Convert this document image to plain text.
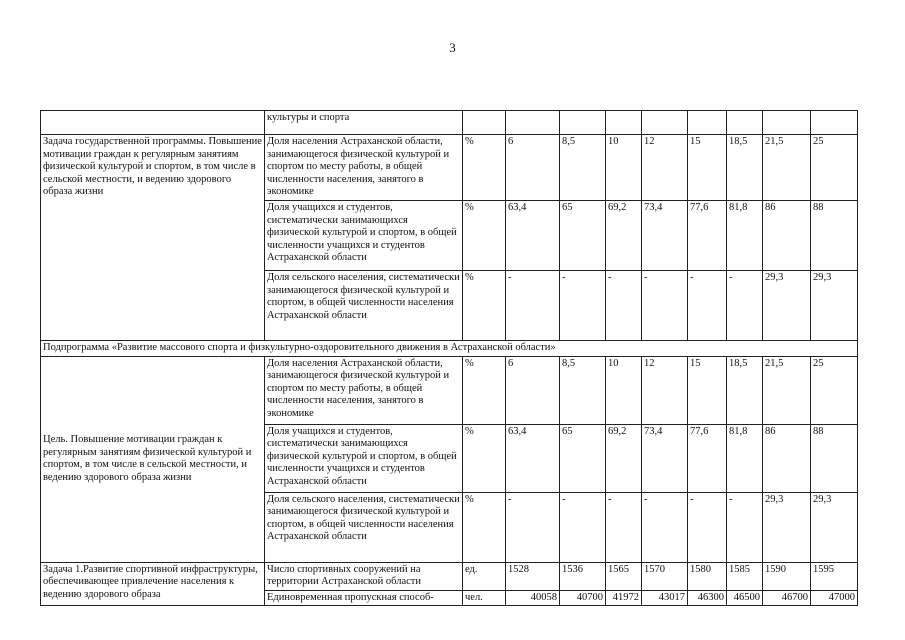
3
	культуры и спорта									
Задача государственной программы. Повышение мотивации граждан к регулярным занятиям физической культурой и спортом, в том числе в сельской местности, и ведению здорового образа жизни	Доля населения Астраханской области, занимающегося физической культурой и спортом по месту работы, в общей численности населения, занятого в экономике	%	6	8,5	10	12	15	18,5	21,5	25
	Доля учащихся и студентов, систематически занимающихся физической культурой и спортом, в общей численности учащихся и студентов Астраханской области	%	63,4	65	69,2	73,4	77,6	81,8	86	88
	Доля сельского населения, систематически занимающегося физической культурой и спортом, в общей численности населения Астраханской области	%	-	-	-	-	-	-	29,3	29,3
Подпрограмма «Развитие массового спорта и физкультурно-оздоровительного движения в Астраханской области»										
Цель. Повышение мотивации граждан к регулярным занятиям физической культурой и спортом, в том числе в сельской местности, и ведению здорового образа жизни	Доля населения Астраханской области, занимающегося физической культурой и спортом по месту работы, в общей численности населения, занятого в экономике	%	6	8,5	10	12	15	18,5	21,5	25
	Доля учащихся и студентов, систематически занимающихся физической культурой и спортом, в общей численности учащихся и студентов Астраханской области	%	63,4	65	69,2	73,4	77,6	81,8	86	88
	Доля сельского населения, систематически занимающегося физической культурой и спортом, в общей численности населения Астраханской области	%	-	-	-	-	-	-	29,3	29,3
Задача 1.Развитие спортивной инфраструктуры, обеспечивающее привлечение населения к ведению здорового образа	Число спортивных сооружений на территории Астраханской области	ед.	1528	1536	1565	1570	1580	1585	1590	1595
	Единовременная пропускная способ-	чел.	40058	40700	41972	43017	46300	46500	46700	47000
